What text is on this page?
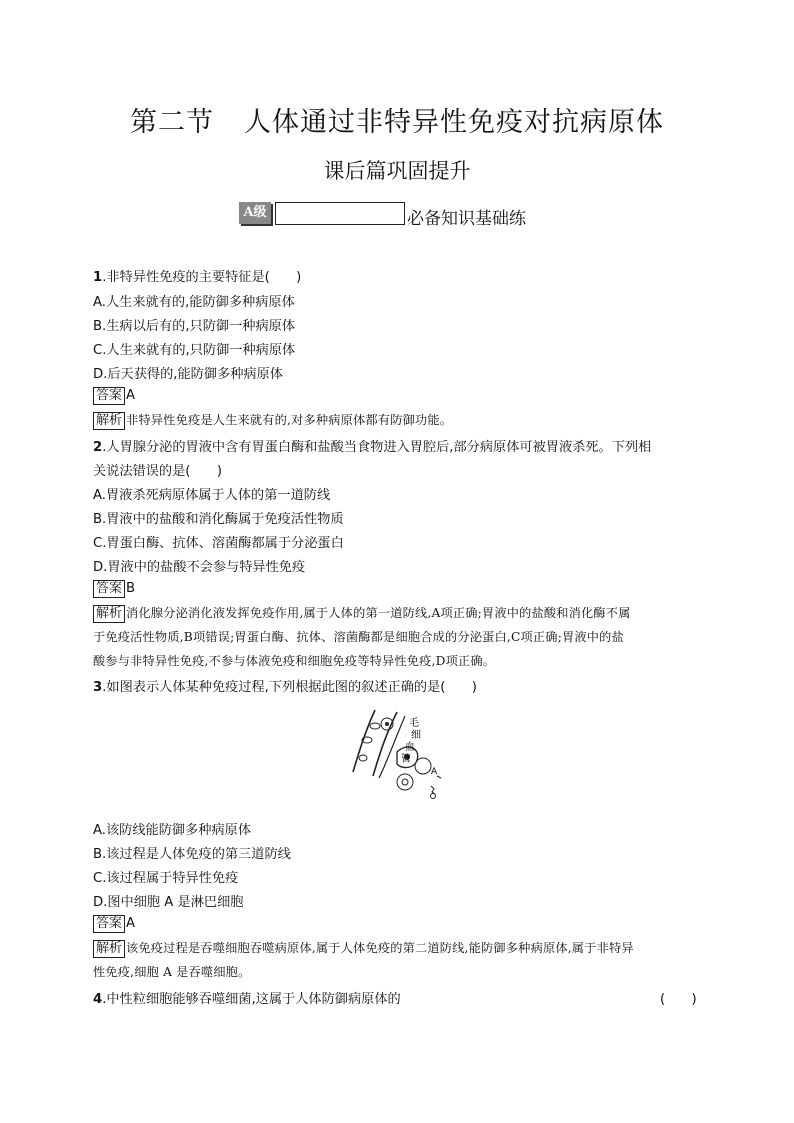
第二节 人体通过非特异性免疫对抗病原体
课后篇巩固提升
A级	必备知识基础练
1.非特异性免疫的主要特征是(　　)
A.人生来就有的,能防御多种病原体
B.生病以后有的,只防御一种病原体
C.人生来就有的,只防御一种病原体
D.后天获得的,能防御多种病原体
答案 A
解析 非特异性免疫是人生来就有的,对多种病原体都有防御功能。
2.人胃腺分泌的胃液中含有胃蛋白酶和盐酸当食物进入胃腔后,部分病原体可被胃液杀死。下列相
关说法错误的是(　　)
A.胃液杀死病原体属于人体的第一道防线
B.胃液中的盐酸和消化酶属于免疫活性物质
C.胃蛋白酶、抗体、溶菌酶都属于分泌蛋白
D.胃液中的盐酸不会参与特异性免疫
答案 B
解析 消化腺分泌消化液发挥免疫作用,属于人体的第一道防线,A项正确;胃液中的盐酸和消化酶不属
于免疫活性物质,B项错误;胃蛋白酶、抗体、溶菌酶都是细胞合成的分泌蛋白,C项正确;胃液中的盐
酸参与非特异性免疫,不参与体液免疫和细胞免疫等特异性免疫,D项正确。
3.如图表示人体某种免疫过程,下列根据此图的叙述正确的是(　　)
A.该防线能防御多种病原体
B.该过程是人体免疫的第三道防线
C.该过程属于特异性免疫
D.图中细胞 A 是淋巴细胞
答案 A
解析 该免疫过程是吞噬细胞吞噬病原体,属于人体免疫的第二道防线,能防御多种病原体,属于非特异
性免疫,细胞 A 是吞噬细胞。
4.中性粒细胞能够吞噬细菌,这属于人体防御病原体的	(　　)
毛 细 血 管
A
